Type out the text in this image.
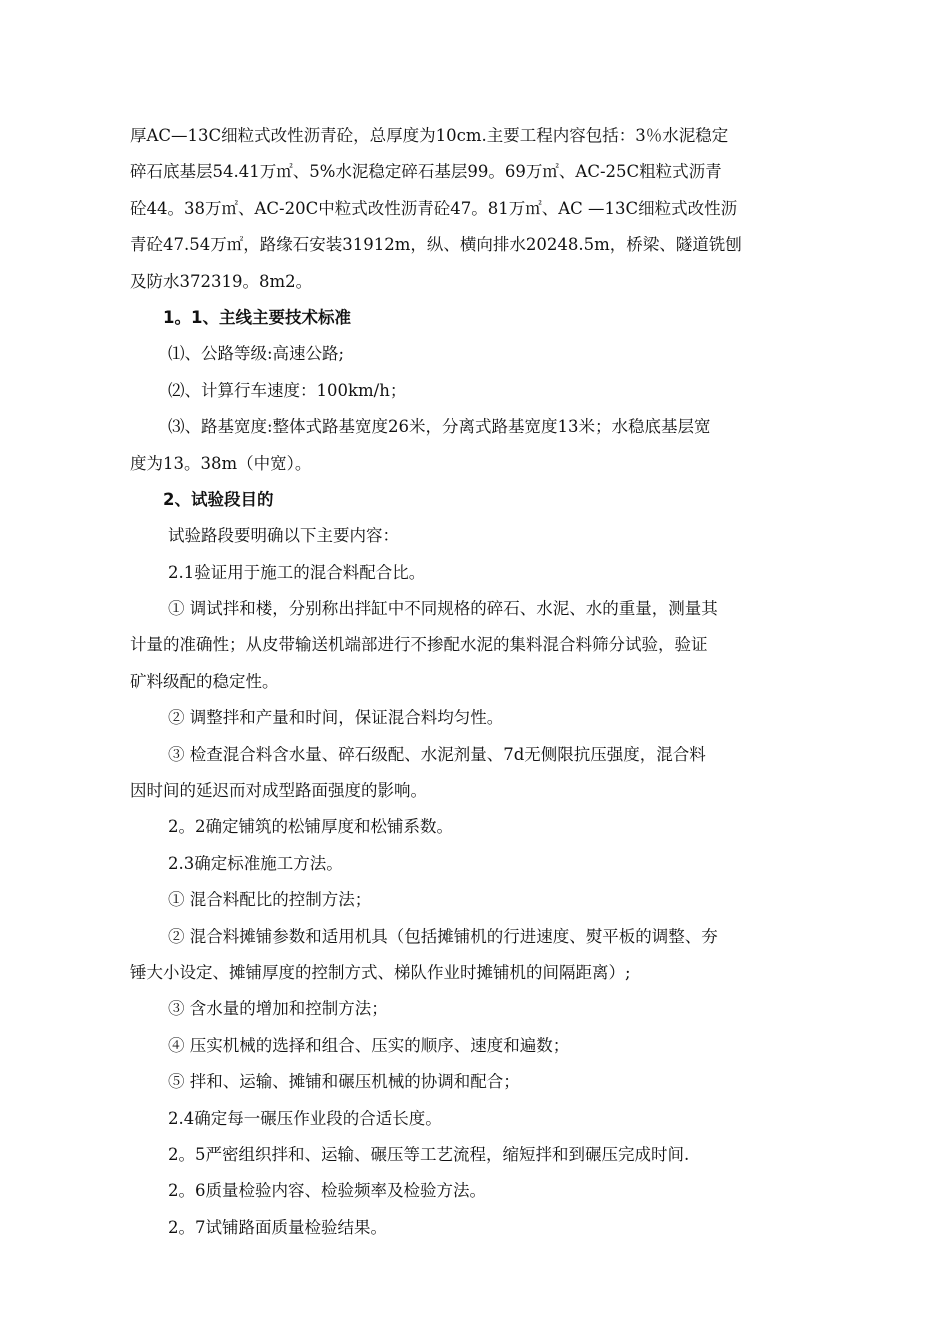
厚AC—13C细粒式改性沥青砼，总厚度为10cm.主要工程内容包括：3％水泥稳定
碎石底基层54.41万㎡、5%水泥稳定碎石基层99。69万㎡、AC-25C粗粒式沥青
砼44。38万㎡、AC-20C中粒式改性沥青砼47。81万㎡、AC —13C细粒式改性沥
青砼47.54万㎡，路缘石安装31912m，纵、横向排水20248.5m，桥梁、隧道铣刨
及防水372319。8m2。
1。1、主线主要技术标准
⑴、公路等级:高速公路;
⑵、计算行车速度：100km/h；
⑶、路基宽度:整体式路基宽度26米，分离式路基宽度13米；水稳底基层宽
度为13。38m（中宽）。
2、试验段目的
试验路段要明确以下主要内容：
2.1验证用于施工的混合料配合比。
① 调试拌和楼，分别称出拌缸中不同规格的碎石、水泥、水的重量，测量其
计量的准确性；从皮带输送机端部进行不掺配水泥的集料混合料筛分试验，验证
矿料级配的稳定性。
② 调整拌和产量和时间，保证混合料均匀性。
③ 检查混合料含水量、碎石级配、水泥剂量、7d无侧限抗压强度，混合料
因时间的延迟而对成型路面强度的影响。
2。2确定铺筑的松铺厚度和松铺系数。
2.3确定标准施工方法。
① 混合料配比的控制方法；
② 混合料摊铺参数和适用机具（包括摊铺机的行进速度、熨平板的调整、夯
锤大小设定、摊铺厚度的控制方式、梯队作业时摊铺机的间隔距离）;
③ 含水量的增加和控制方法；
④ 压实机械的选择和组合、压实的顺序、速度和遍数；
⑤ 拌和、运输、摊铺和碾压机械的协调和配合；
2.4确定每一碾压作业段的合适长度。
2。5严密组织拌和、运输、碾压等工艺流程，缩短拌和到碾压完成时间.
2。6质量检验内容、检验频率及检验方法。
2。7试铺路面质量检验结果。
